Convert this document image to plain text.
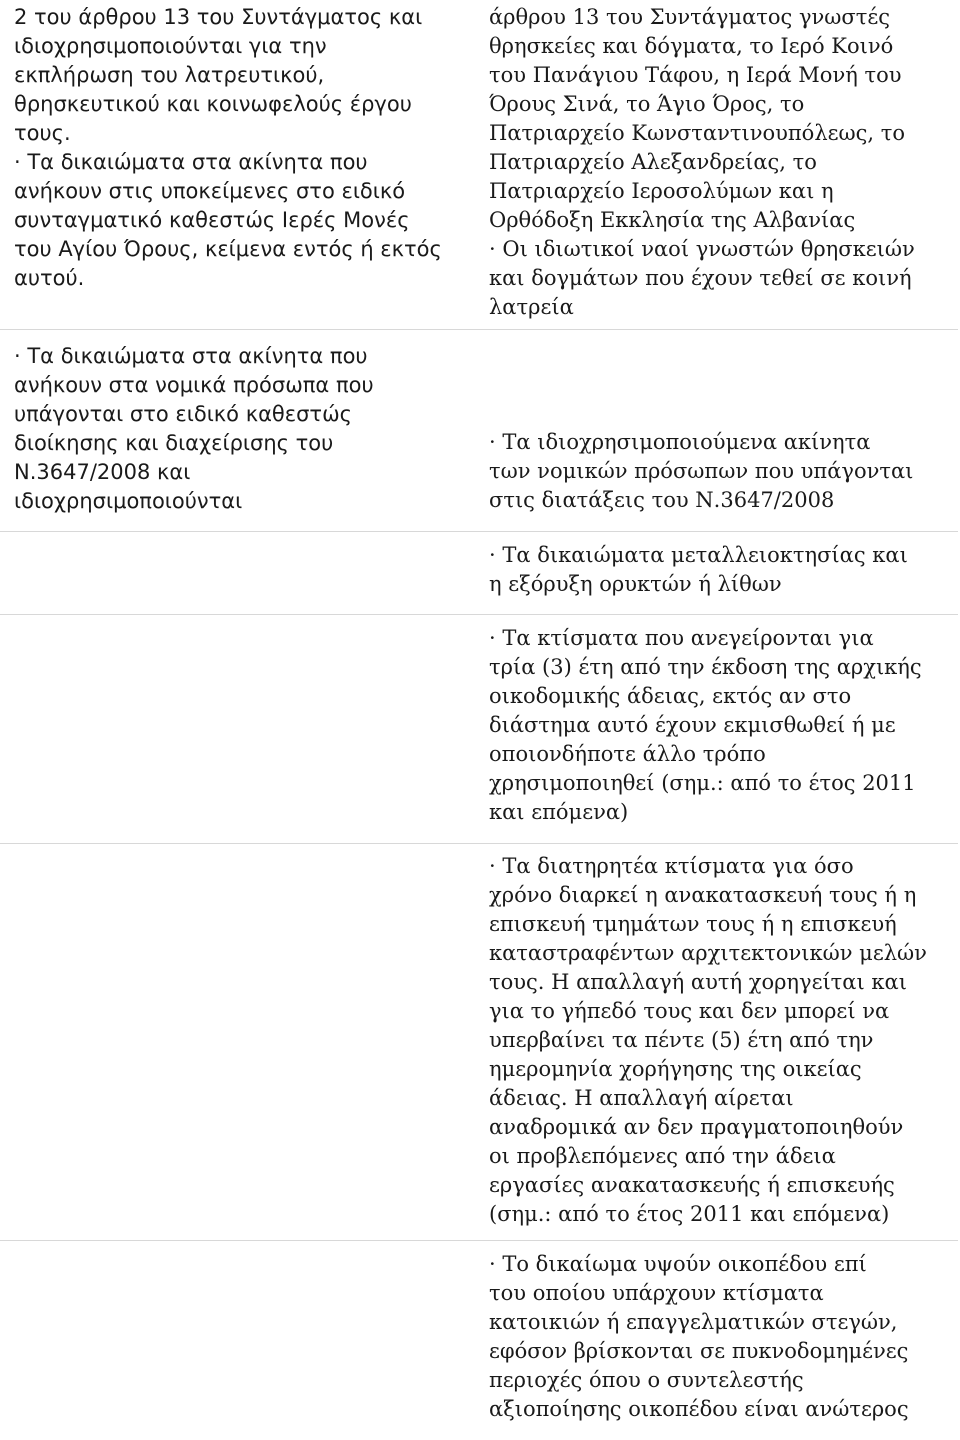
2 του άρθρου 13 του Συντάγματος και
ιδιοχρησιμοποιούνται για την
εκπλήρωση του λατρευτικού,
θρησκευτικού και κοινωφελούς έργου
τους.
· Τα δικαιώματα στα ακίνητα που
ανήκουν στις υποκείμενες στο ειδικό
συνταγματικό καθεστώς Ιερές Μονές
του Αγίου Όρους, κείμενα εντός ή εκτός
αυτού.
άρθρου 13 του Συντάγματος γνωστές
θρησκείες και δόγματα, το Ιερό Κοινό
του Πανάγιου Τάφου, η Ιερά Μονή του
Όρους Σινά, το Άγιο Όρος, το
Πατριαρχείο Κωνσταντινουπόλεως, το
Πατριαρχείο Αλεξανδρείας, το
Πατριαρχείο Ιεροσολύμων και η
Ορθόδοξη Εκκλησία της Αλβανίας
· Οι ιδιωτικοί ναοί γνωστών θρησκειών
και δογμάτων που έχουν τεθεί σε κοινή
λατρεία
· Τα δικαιώματα στα ακίνητα που
ανήκουν στα νομικά πρόσωπα που
υπάγονται στο ειδικό καθεστώς
διοίκησης και διαχείρισης του
Ν.3647/2008 και
ιδιοχρησιμοποιούνται
· Τα ιδιοχρησιμοποιούμενα ακίνητα
των νομικών πρόσωπων που υπάγονται
στις διατάξεις του Ν.3647/2008
· Τα δικαιώματα μεταλλειοκτησίας και
η εξόρυξη ορυκτών ή λίθων
· Τα κτίσματα που ανεγείρονται για
τρία (3) έτη από την έκδοση της αρχικής
οικοδομικής άδειας, εκτός αν στο
διάστημα αυτό έχουν εκμισθωθεί ή με
οποιονδήποτε άλλο τρόπο
χρησιμοποιηθεί (σημ.: από το έτος 2011
και επόμενα)
· Τα διατηρητέα κτίσματα για όσο
χρόνο διαρκεί η ανακατασκευή τους ή η
επισκευή τμημάτων τους ή η επισκευή
καταστραφέντων αρχιτεκτονικών μελών
τους. Η απαλλαγή αυτή χορηγείται και
για το γήπεδό τους και δεν μπορεί να
υπερβαίνει τα πέντε (5) έτη από την
ημερομηνία χορήγησης της οικείας
άδειας. Η απαλλαγή αίρεται
αναδρομικά αν δεν πραγματοποιηθούν
οι προβλεπόμενες από την άδεια
εργασίες ανακατασκευής ή επισκευής
(σημ.: από το έτος 2011 και επόμενα)
· Το δικαίωμα υψούν οικοπέδου επί
του οποίου υπάρχουν κτίσματα
κατοικιών ή επαγγελματικών στεγών,
εφόσον βρίσκονται σε πυκνοδομημένες
περιοχές όπου ο συντελεστής
αξιοποίησης οικοπέδου είναι ανώτερος
